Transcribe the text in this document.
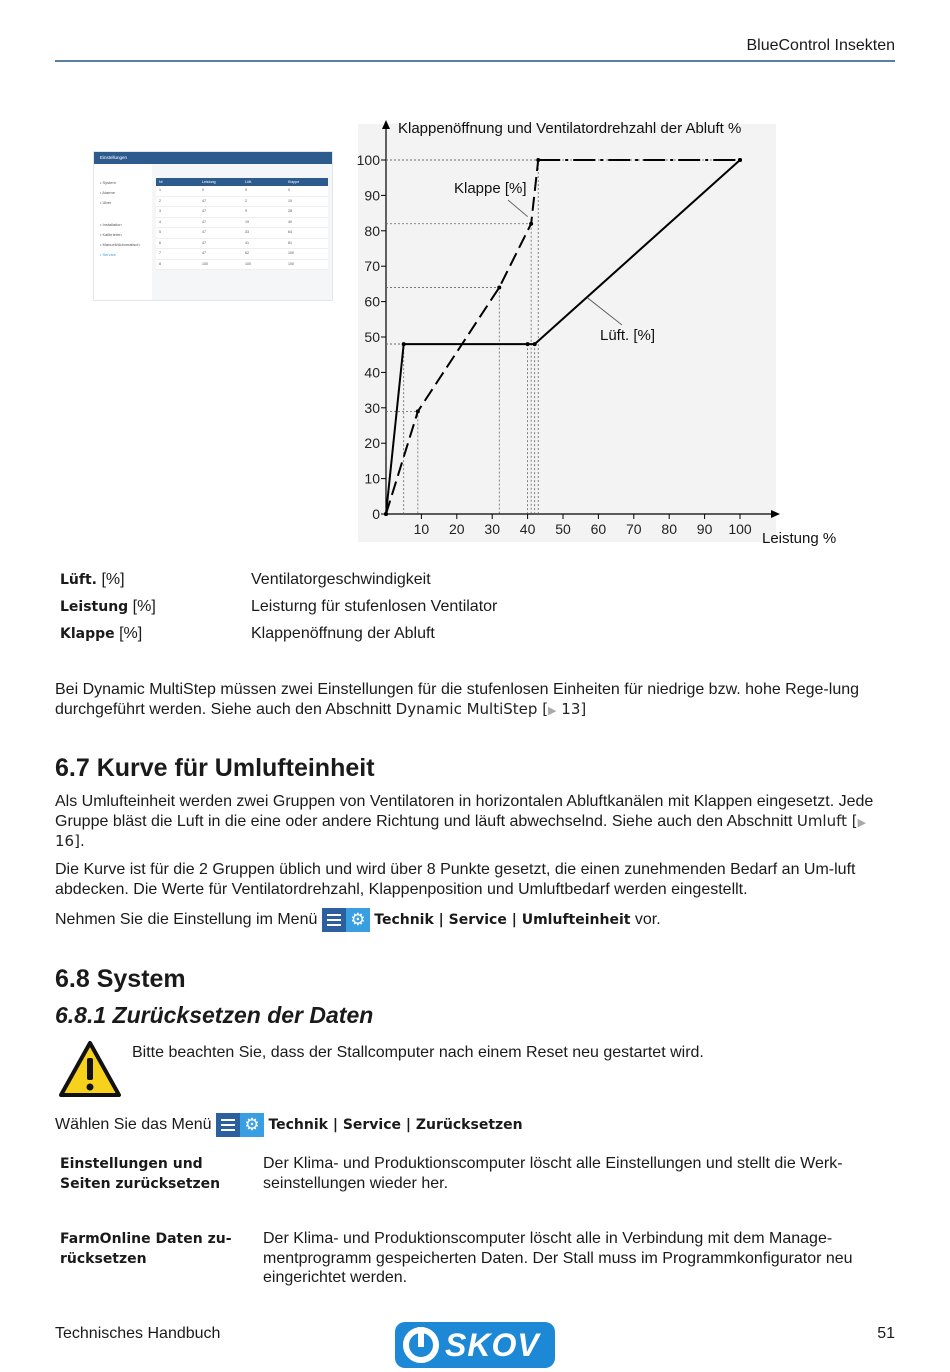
BlueControl Insekten
Einstellungen
• System
• Alarme
• Über
• Installation
• Kalibrieren
• Manuell/Automatisch
• Service
Nr	Leistung	Lüft.	Klappe
1	0	0	0
2	47	2	10
3	47	9	28
4	47	19	40
5	47	33	64
6	47	41	81
7	47	62	100
8	100	100	100
10 20 30 40 50 60 70 80 90 100
0
10
20
30
40
50
60
70
80
90
100
Klappenöffnung und Ventilatordrehzahl der Abluft %
Leistung %
Klappe [%]
Lüft. [%]
Lüft. [%]	Ventilatorgeschwindigkeit
Leistung [%]	Leisturng für stufenlosen Ventilator
Klappe [%]	Klappenöffnung der Abluft
Bei Dynamic MultiStep müssen zwei Einstellungen für die stufenlosen Einheiten für niedrige bzw. hohe Rege-lung durchgeführt werden. Siehe auch den Abschnitt Dynamic MultiStep [▶ 13]
6.7 Kurve für Umlufteinheit
Als Umlufteinheit werden zwei Gruppen von Ventilatoren in horizontalen Abluftkanälen mit Klappen eingesetzt. Jede Gruppe bläst die Luft in die eine oder andere Richtung und läuft abwechselnd. Siehe auch den Abschnitt Umluft [▶ 16].
Die Kurve ist für die 2 Gruppen üblich und wird über 8 Punkte gesetzt, die einen zunehmenden Bedarf an Um-luft abdecken. Die Werte für Ventilatordrehzahl, Klappenposition und Umluftbedarf werden eingestellt.
Nehmen Sie die Einstellung im Menü ⚙ Technik | Service | Umlufteinheit vor.
6.8 System
6.8.1 Zurücksetzen der Daten
Bitte beachten Sie, dass der Stallcomputer nach einem Reset neu gestartet wird.
Wählen Sie das Menü ⚙ Technik | Service | Zurücksetzen
Einstellungen und Seiten zurücksetzen
Der Klima- und Produktionscomputer löscht alle Einstellungen und stellt die Werk-seinstellungen wieder her.
FarmOnline Daten zu-rücksetzen
Der Klima- und Produktionscomputer löscht alle in Verbindung mit dem Manage-mentprogramm gespeicherten Daten. Der Stall muss im Programmkonfigurator neu eingerichtet werden.
Technisches Handbuch	SKOV	51
